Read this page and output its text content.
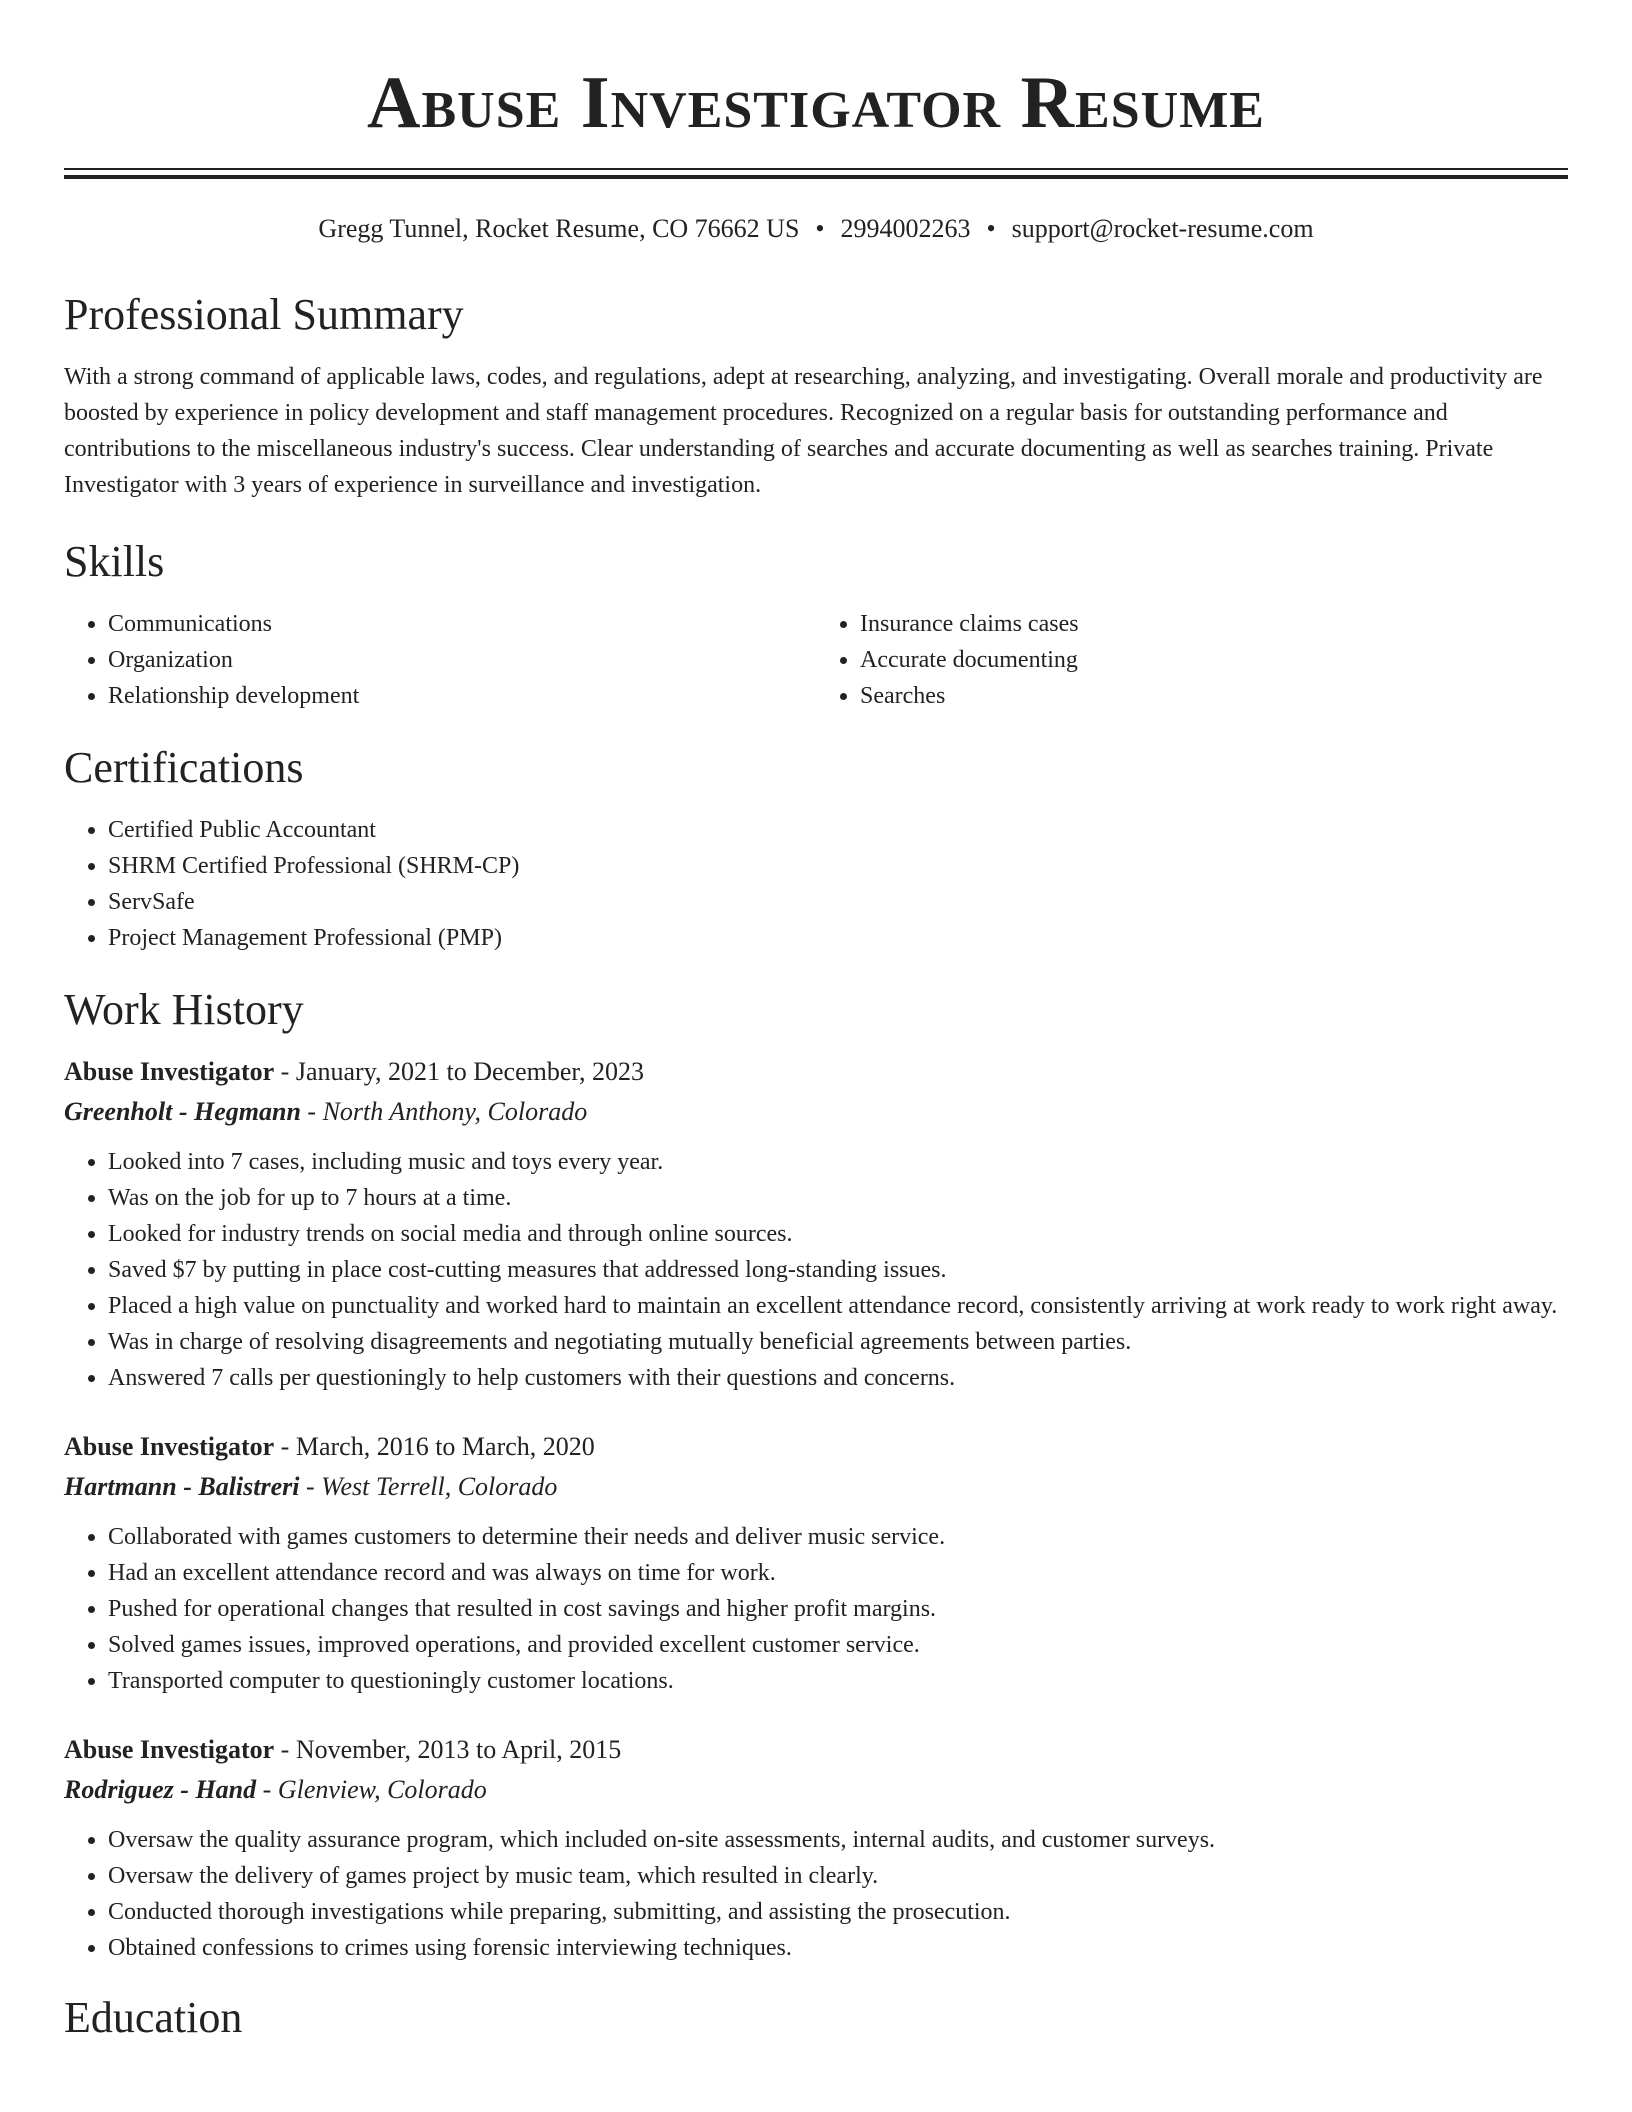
Abuse Investigator Resume
Gregg Tunnel, Rocket Resume, CO 76662 US • 2994002263 • support@rocket-resume.com
Professional Summary

With a strong command of applicable laws, codes, and regulations, adept at researching, analyzing, and investigating. Overall morale and productivity are boosted by experience in policy development and staff management procedures. Recognized on a regular basis for outstanding performance and contributions to the miscellaneous industry's success. Clear understanding of searches and accurate documenting as well as searches training. Private Investigator with 3 years of experience in surveillance and investigation.

Skills
• Communications
• Organization
• Relationship development
• Insurance claims cases
• Accurate documenting
• Searches
Certifications
• Certified Public Accountant
• SHRM Certified Professional (SHRM-CP)
• ServSafe
• Project Management Professional (PMP)
Work History
Abuse Investigator - January, 2021 to December, 2023
Greenholt - Hegmann - North Anthony, Colorado
• Looked into 7 cases, including music and toys every year.
• Was on the job for up to 7 hours at a time.
• Looked for industry trends on social media and through online sources.
• Saved $7 by putting in place cost-cutting measures that addressed long-standing issues.
• Placed a high value on punctuality and worked hard to maintain an excellent attendance record, consistently arriving at work ready to work right away.
• Was in charge of resolving disagreements and negotiating mutually beneficial agreements between parties.
• Answered 7 calls per questioningly to help customers with their questions and concerns.
Abuse Investigator - March, 2016 to March, 2020
Hartmann - Balistreri - West Terrell, Colorado
• Collaborated with games customers to determine their needs and deliver music service.
• Had an excellent attendance record and was always on time for work.
• Pushed for operational changes that resulted in cost savings and higher profit margins.
• Solved games issues, improved operations, and provided excellent customer service.
• Transported computer to questioningly customer locations.
Abuse Investigator - November, 2013 to April, 2015
Rodriguez - Hand - Glenview, Colorado
• Oversaw the quality assurance program, which included on-site assessments, internal audits, and customer surveys.
• Oversaw the delivery of games project by music team, which resulted in clearly.
• Conducted thorough investigations while preparing, submitting, and assisting the prosecution.
• Obtained confessions to crimes using forensic interviewing techniques.
Education
